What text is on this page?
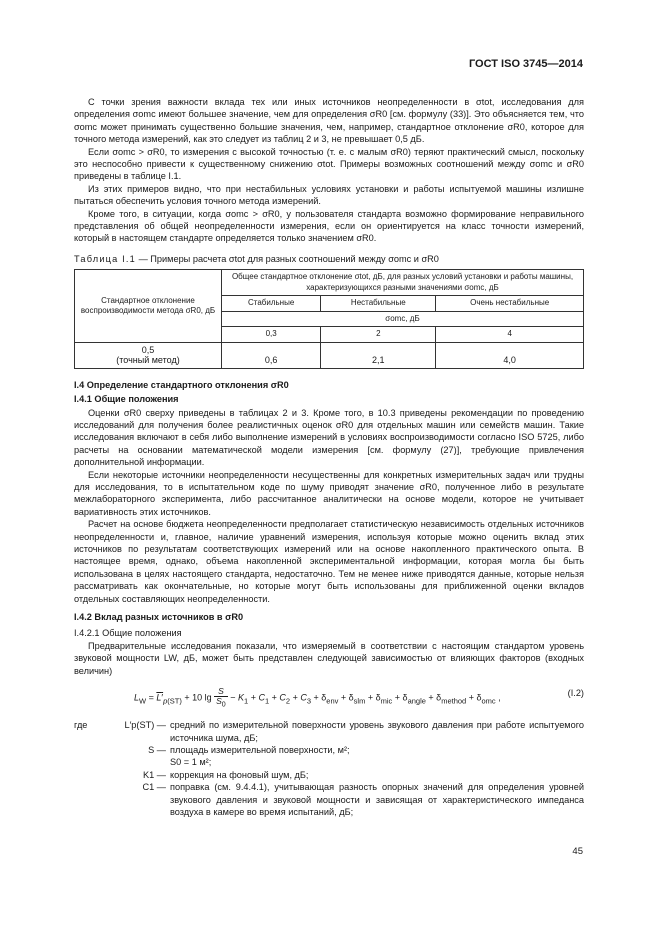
ГОСТ ISO 3745—2014

С точки зрения важности вклада тех или иных источников неопределенности в σtot, исследования для определения σomc имеют большее значение, чем для определения σR0 [см. формулу (33)]. Это объясняется тем, что σomc может принимать существенно большие значения, чем, например, стандартное отклонение σR0, которое для точного метода измерений, как это следует из таблиц 2 и 3, не превышает 0,5 дБ.

Если σomc > σR0, то измерения с высокой точностью (т. е. с малым σR0) теряют практический смысл, поскольку это неспособно привести к существенному снижению σtot. Примеры возможных соотношений между σomc и σR0 приведены в таблице I.1.

Из этих примеров видно, что при нестабильных условиях установки и работы испытуемой машины излишне пытаться обеспечить условия точного метода измерений.

Кроме того, в ситуации, когда σomc > σR0, у пользователя стандарта возможно формирование неправильного представления об общей неопределенности измерения, если он ориентируется на класс точности измерений, который в настоящем стандарте определяется только значением σR0.

Таблица I.1 — Примеры расчета σtot для разных соотношений между σomc и σR0
Стандартное отклонение воспроизводимости метода σR0, дБ	Общее стандартное отклонение σtot, дБ, для разных условий установки и работы машины, характеризующихся разными значениями σomc, дБ		
	Стабильные	Нестабильные	Очень нестабильные
	σomc, дБ		
	0,3	2	4

0,5
(точный метод)	0,6	2,1	4,0
I.4 Определение стандартного отклонения σR0
I.4.1 Общие положения

Оценки σR0 сверху приведены в таблицах 2 и 3. Кроме того, в 10.3 приведены рекомендации по проведению исследований для получения более реалистичных оценок σR0 для отдельных машин или семейств машин. Такие исследования включают в себя либо выполнение измерений в условиях воспроизводимости согласно ISO 5725, либо расчеты на основании математической модели измерения [см. формулу (27)], требующие привлечения дополнительной информации.

Если некоторые источники неопределенности несущественны для конкретных измерительных задач или трудны для исследования, то в испытательном коде по шуму приводят значение σR0, полученное либо в результате межлабораторного эксперимента, либо рассчитанное аналитически на основе модели, которое не учитывает вариативность этих источников.

Расчет на основе бюджета неопределенности предполагает статистическую независимость отдельных источников неопределенности и, главное, наличие уравнений измерения, используя которые можно оценить вклад этих источников по результатам соответствующих измерений или на основе накопленного практического опыта. В настоящее время, однако, объема накопленной экспериментальной информации, которая могла бы быть использована в целях настоящего стандарта, недостаточно. Тем не менее ниже приводятся данные, которые нельзя рассматривать как окончательные, но которые могут быть использованы для приближенной оценки вкладов отдельных составляющих неопределенности.

I.4.2 Вклад разных источников в σR0
I.4.2.1 Общие положения

Предварительные исследования показали, что измеряемый в соответствии с настоящим стандартом уровень звуковой мощности LW, дБ, может быть представлен следующей зависимостью от влияющих факторов (входных величин)

$L_W = L'_{p(ST)} + 10$ $\lg \frac{S}{S_0} - K_1 + C_1 + C_2 + C_3 + \delta_{env} + \delta_{slm} + \delta_{mic} + \delta_{angle} + \delta_{method} + \delta_{omc}$ ,	(I.2)
где	L′p(ST) — средний по измерительной поверхности уровень звукового давления при работе испытуемого источника шума, дБ;
S — площадь измерительной поверхности, м²;
S0 = 1 м²;
K1 — коррекция на фоновый шум, дБ;
C1 — поправка (см. 9.4.4.1), учитывающая разность опорных значений для определения уровней звукового давления и звуковой мощности и зависящая от характеристического импеданса воздуха в камере во время испытаний, дБ;
45
